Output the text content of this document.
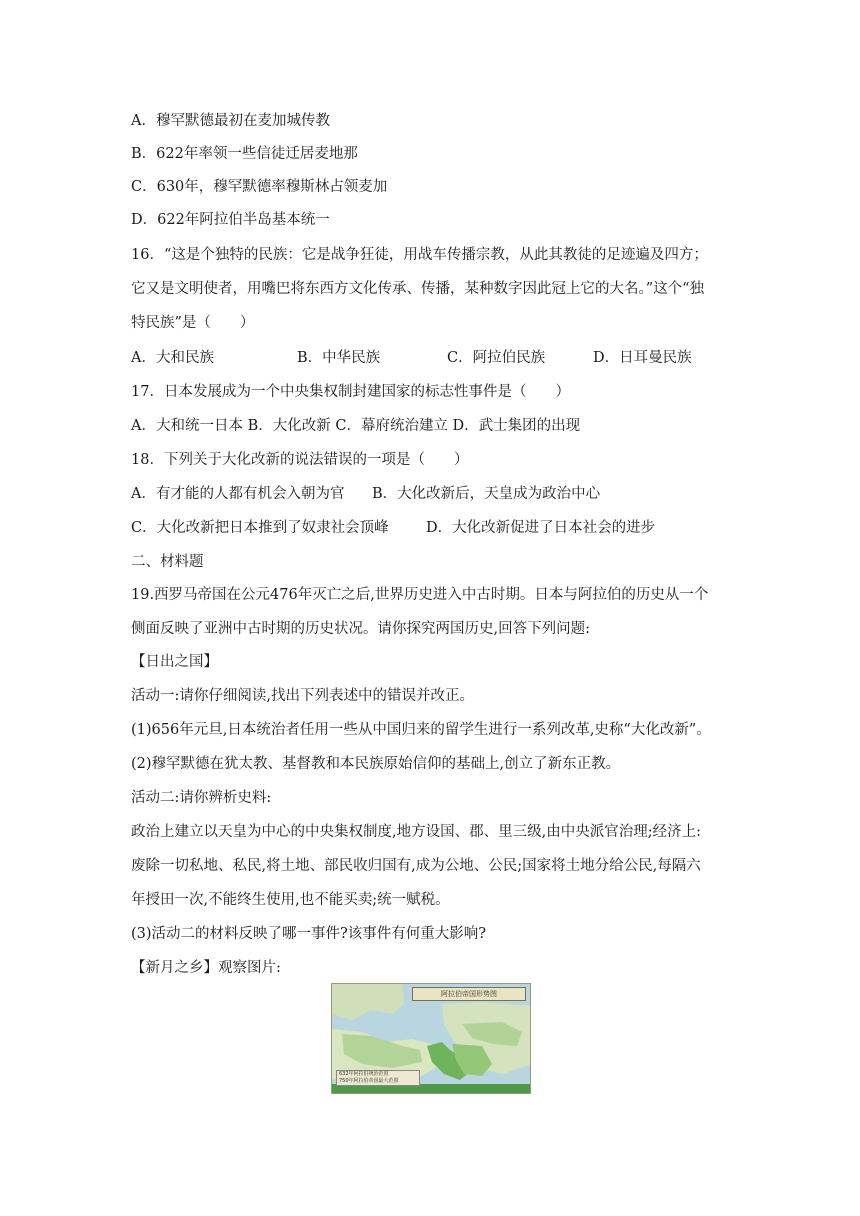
A．穆罕默德最初在麦加城传教
B．622年率领一些信徒迁居麦地那
C．630年，穆罕默德率穆斯林占领麦加
D．622年阿拉伯半岛基本统一
16．“这是个独特的民族：它是战争狂徒，用战车传播宗教，从此其教徒的足迹遍及四方；
它又是文明使者，用嘴巴将东西方文化传承、传播，某种数字因此冠上它的大名。”这个“独
特民族”是（　　）
A．大和民族	B．中华民族	C．阿拉伯民族	D．日耳曼民族
17．日本发展成为一个中央集权制封建国家的标志性事件是（　　）
A．大和统一日本 B．大化改新 C．幕府统治建立 D．武士集团的出现
18．下列关于大化改新的说法错误的一项是（　　）
A．有才能的人都有机会入朝为官 B．大化改新后，天皇成为政治中心
C．大化改新把日本推到了奴隶社会顶峰	D．大化改新促进了日本社会的进步
二、材料题
19.西罗马帝国在公元476年灭亡之后,世界历史进入中古时期。日本与阿拉伯的历史从一个
侧面反映了亚洲中古时期的历史状况。请你探究两国历史,回答下列问题:
【日出之国】
活动一:请你仔细阅读,找出下列表述中的错误并改正。
(1)656年元旦,日本统治者任用一些从中国归来的留学生进行一系列改革,史称“大化改新”。
(2)穆罕默德在犹太教、基督教和本民族原始信仰的基础上,创立了新东正教。
活动二:请你辨析史料:
政治上建立以天皇为中心的中央集权制度,地方设国、郡、里三级,由中央派官治理;经济上:
废除一切私地、私民,将土地、部民收归国有,成为公地、公民;国家将土地分给公民,每隔六
年授田一次,不能终生使用,也不能买卖;统一赋税。
(3)活动二的材料反映了哪一事件?该事件有何重大影响?
【新月之乡】观察图片:
阿拉伯帝国形势图
632年阿拉伯统治范围
750年阿拉伯帝国最大范围
